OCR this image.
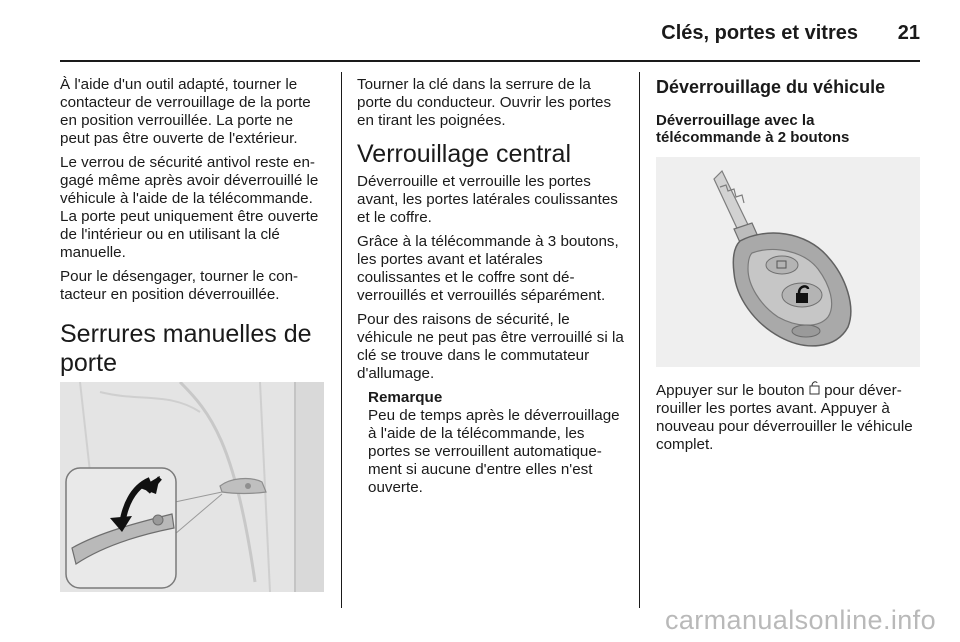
Clés, portes et vitres 21

À l'aide d'un outil adapté, tourner le contacteur de verrouillage de la porte en position verrouillée. La porte ne peut pas être ouverte de l'extérieur.

Le verrou de sécurité antivol reste engagé même après avoir déverrouillé le véhicule à l'aide de la télécommande. La porte peut uniquement être ouverte de l'intérieur ou en utilisant la clé manuelle.

Pour le désengager, tourner le contacteur en position déverrouillée.

Serrures manuelles de porte

Tourner la clé dans la serrure de la porte du conducteur. Ouvrir les portes en tirant les poignées.

Verrouillage central

Déverrouille et verrouille les portes avant, les portes latérales coulissantes et le coffre.

Grâce à la télécommande à 3 boutons, les portes avant et latérales coulissantes et le coffre sont déverrouillés et verrouillés séparément.

Pour des raisons de sécurité, le véhicule ne peut pas être verrouillé si la clé se trouve dans le commutateur d'allumage.

Remarque
Peu de temps après le déverrouillage à l'aide de la télécommande, les portes se verrouillent automatiquement si aucune d'entre elles n'est ouverte.
Déverrouillage du véhicule
Déverrouillage avec la télécommande à 2 boutons

Appuyer sur le bouton pour déverrouiller les portes avant. Appuyer à nouveau pour déverrouiller le véhicule complet.

carmanualsonline.info
